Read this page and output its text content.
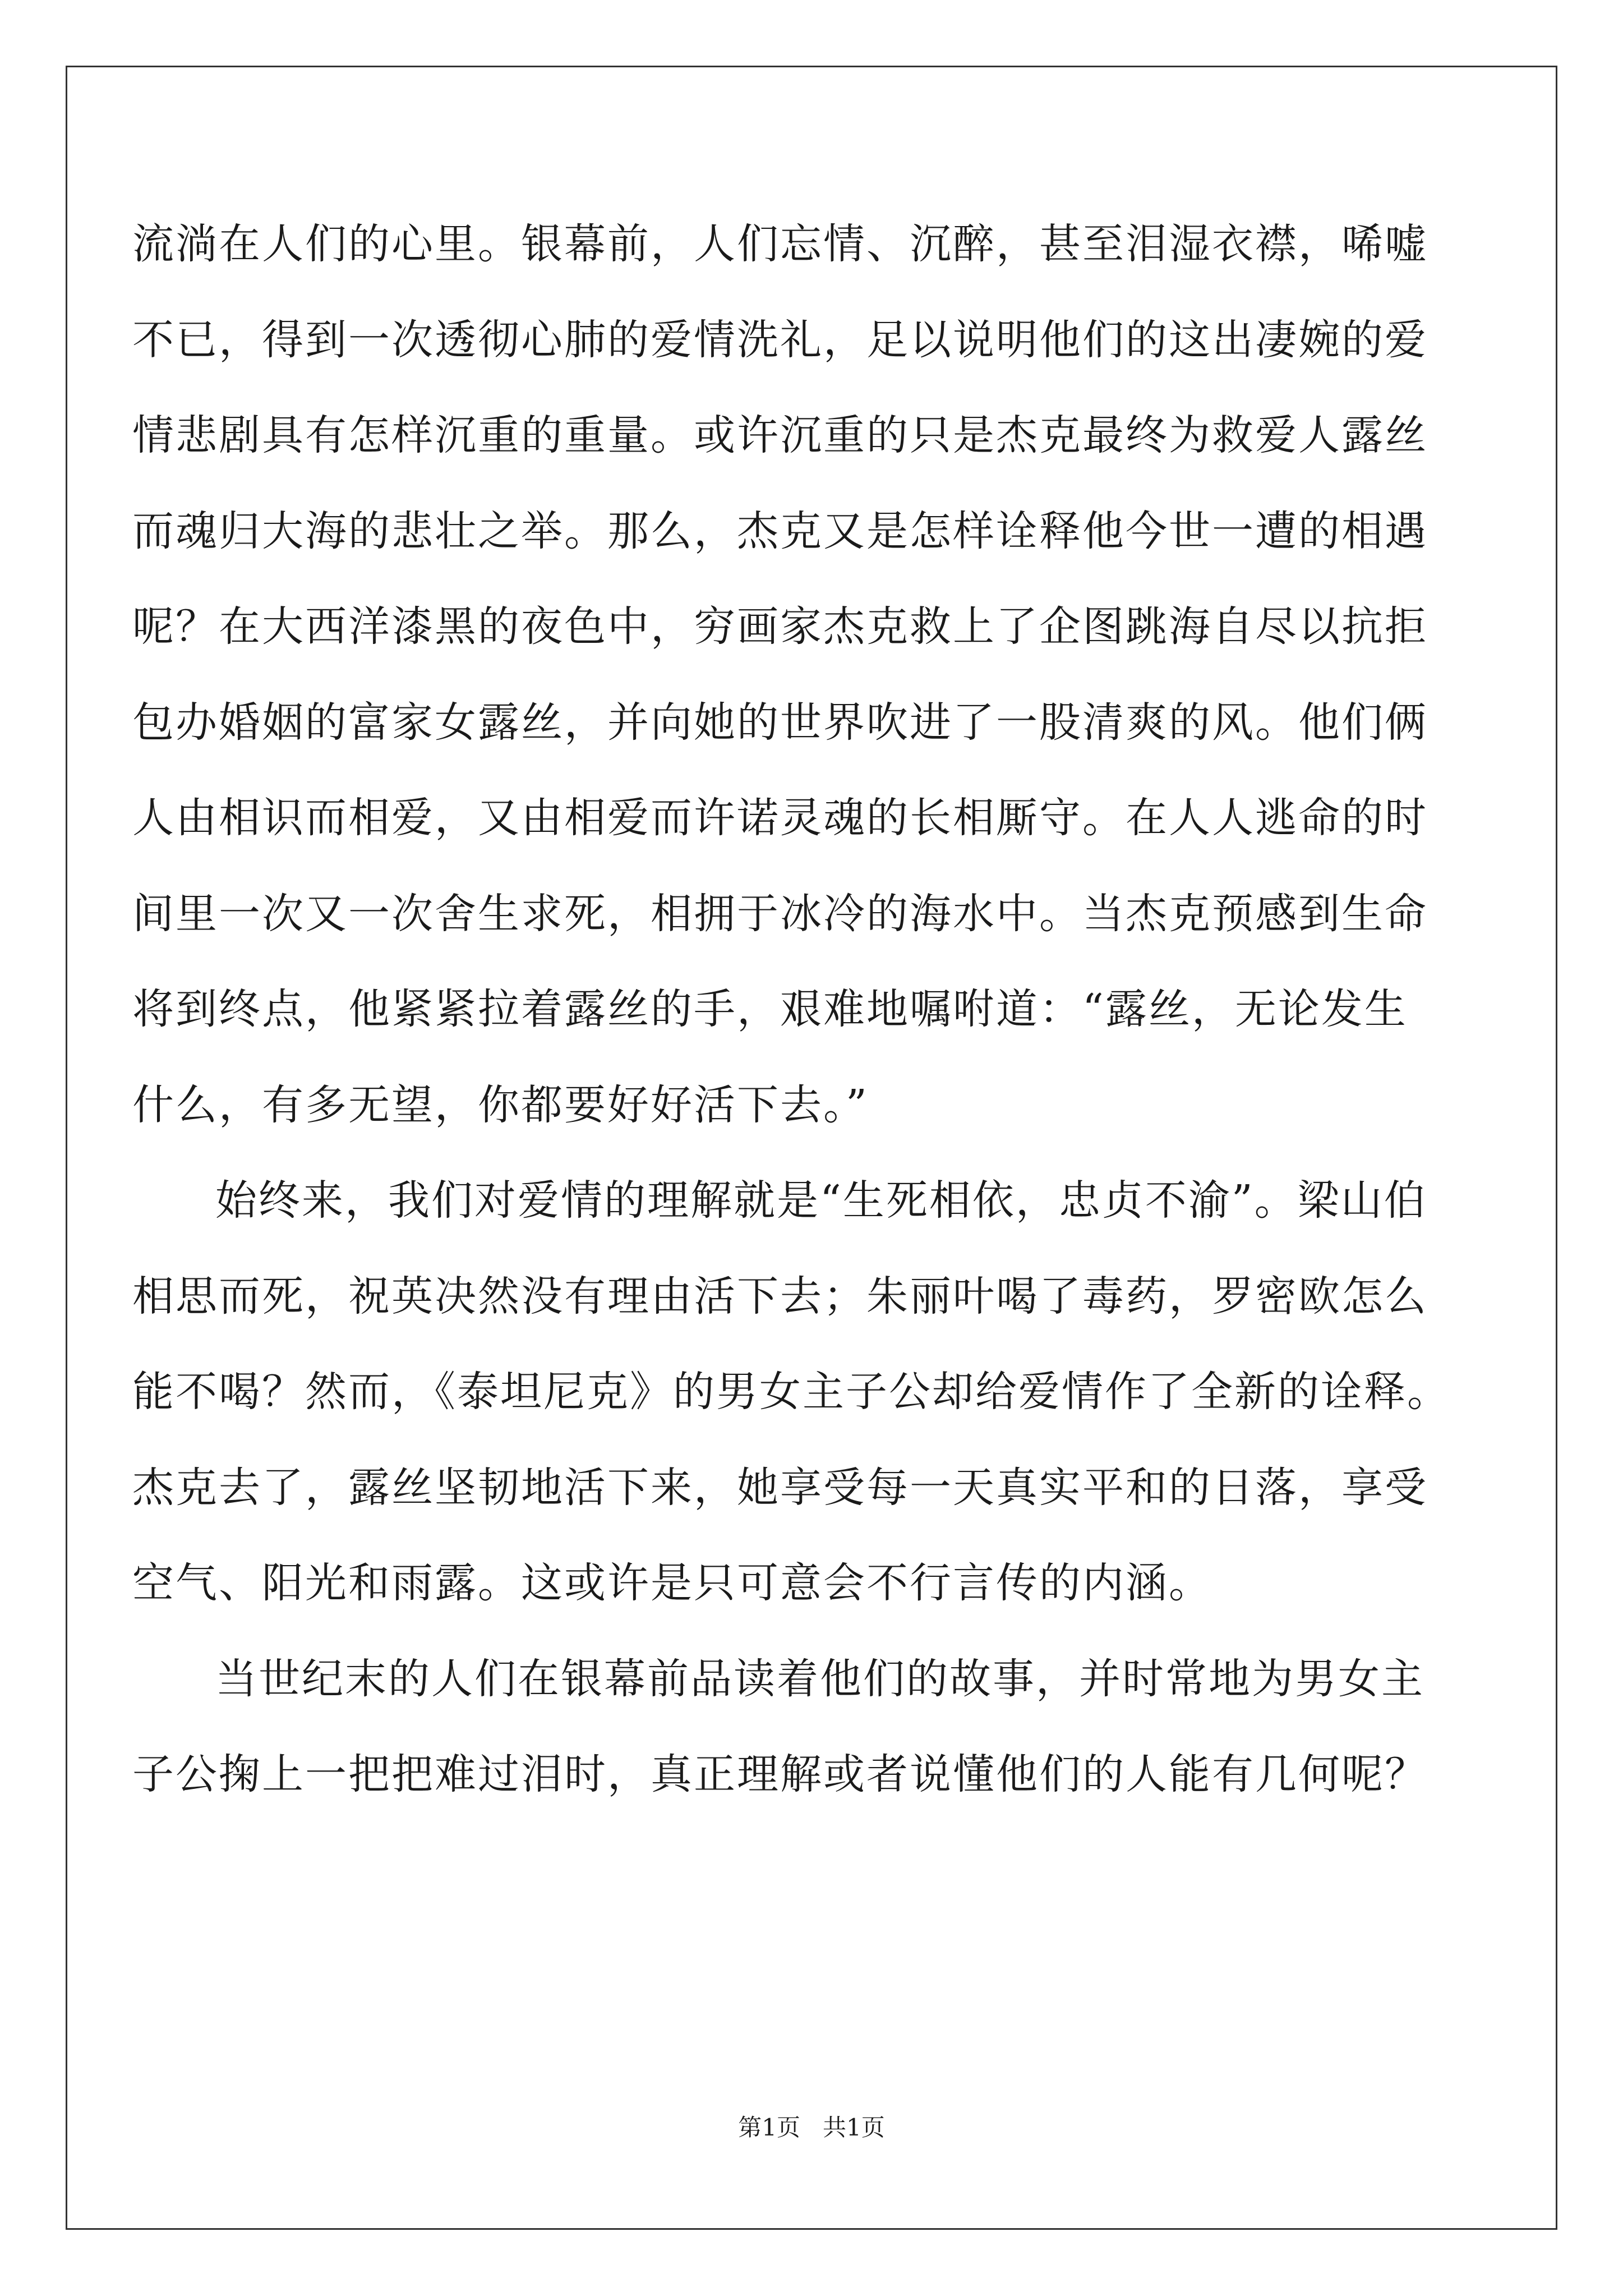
流淌在人们的心里。银幕前，人们忘情、沉醉，甚至泪湿衣襟，唏嘘
不已，得到一次透彻心肺的爱情洗礼，足以说明他们的这出凄婉的爱
情悲剧具有怎样沉重的重量。或许沉重的只是杰克最终为救爱人露丝
而魂归大海的悲壮之举。那么，杰克又是怎样诠释他今世一遭的相遇
呢？在大西洋漆黑的夜色中，穷画家杰克救上了企图跳海自尽以抗拒
包办婚姻的富家女露丝，并向她的世界吹进了一股清爽的风。他们俩
人由相识而相爱，又由相爱而许诺灵魂的长相厮守。在人人逃命的时
间里一次又一次舍生求死，相拥于冰冷的海水中。当杰克预感到生命
将到终点，他紧紧拉着露丝的手，艰难地嘱咐道：“露丝，无论发生
什么，有多无望，你都要好好活下去。”
始终来，我们对爱情的理解就是“生死相依，忠贞不渝”。梁山伯
相思而死，祝英决然没有理由活下去；朱丽叶喝了毒药，罗密欧怎么
能不喝？然而，《泰坦尼克》的男女主子公却给爱情作了全新的诠释。
杰克去了，露丝坚韧地活下来，她享受每一天真实平和的日落，享受
空气、阳光和雨露。这或许是只可意会不行言传的内涵。
当世纪末的人们在银幕前品读着他们的故事，并时常地为男女主
子公掬上一把把难过泪时，真正理解或者说懂他们的人能有几何呢？
第1页   共1页
